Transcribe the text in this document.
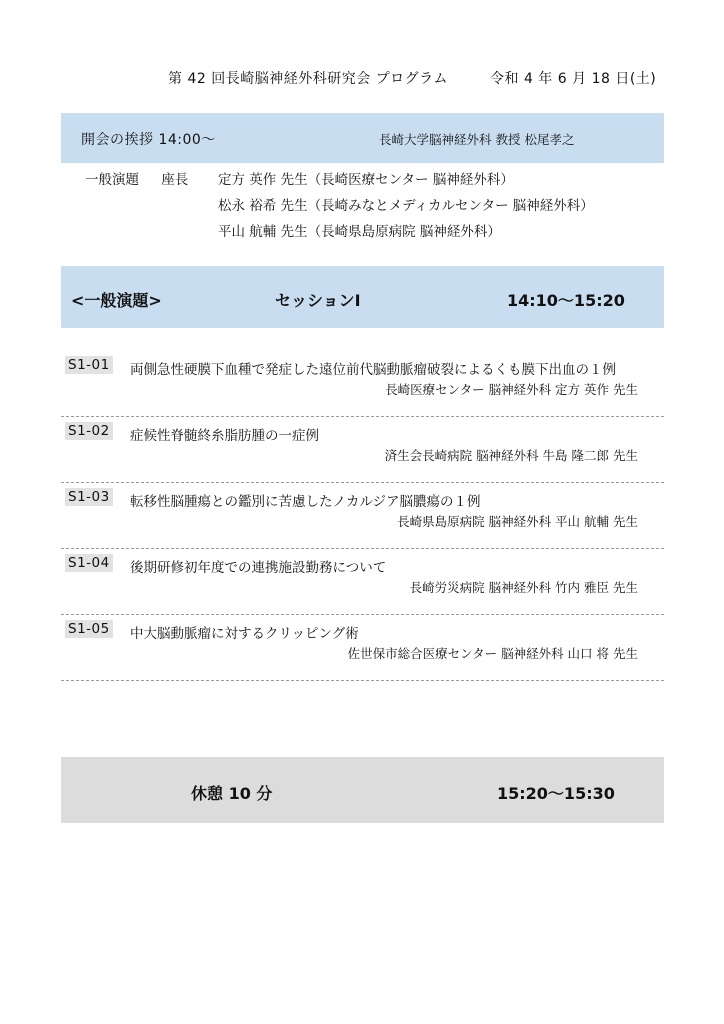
第 42 回長崎脳神経外科研究会 プログラム	令和 4 年 6 月 18 日(土)
開会の挨拶 14:00～	長崎大学脳神経外科 教授 松尾孝之
一般演題 座長	定方 英作 先生（長崎医療センター 脳神経外科）
松永 裕希 先生（長崎みなとメディカルセンター 脳神経外科）
平山 航輔 先生（長崎県島原病院 脳神経外科）
<一般演題>	セッションⅠ	14:10～15:20
S1-01 両側急性硬膜下血種で発症した遠位前代脳動脈瘤破裂によるくも膜下出血の１例
長崎医療センター 脳神経外科 定方 英作 先生
S1-02 症候性脊髄終糸脂肪腫の一症例
済生会長崎病院 脳神経外科 牛島 隆二郎 先生
S1-03 転移性脳腫瘍との鑑別に苦慮したノカルジア脳膿瘍の１例
長崎県島原病院 脳神経外科 平山 航輔 先生
S1-04 後期研修初年度での連携施設勤務について
長崎労災病院 脳神経外科 竹内 雅臣 先生
S1-05 中大脳動脈瘤に対するクリッピング術
佐世保市総合医療センター 脳神経外科 山口 将 先生
休憩 10 分	15:20～15:30
